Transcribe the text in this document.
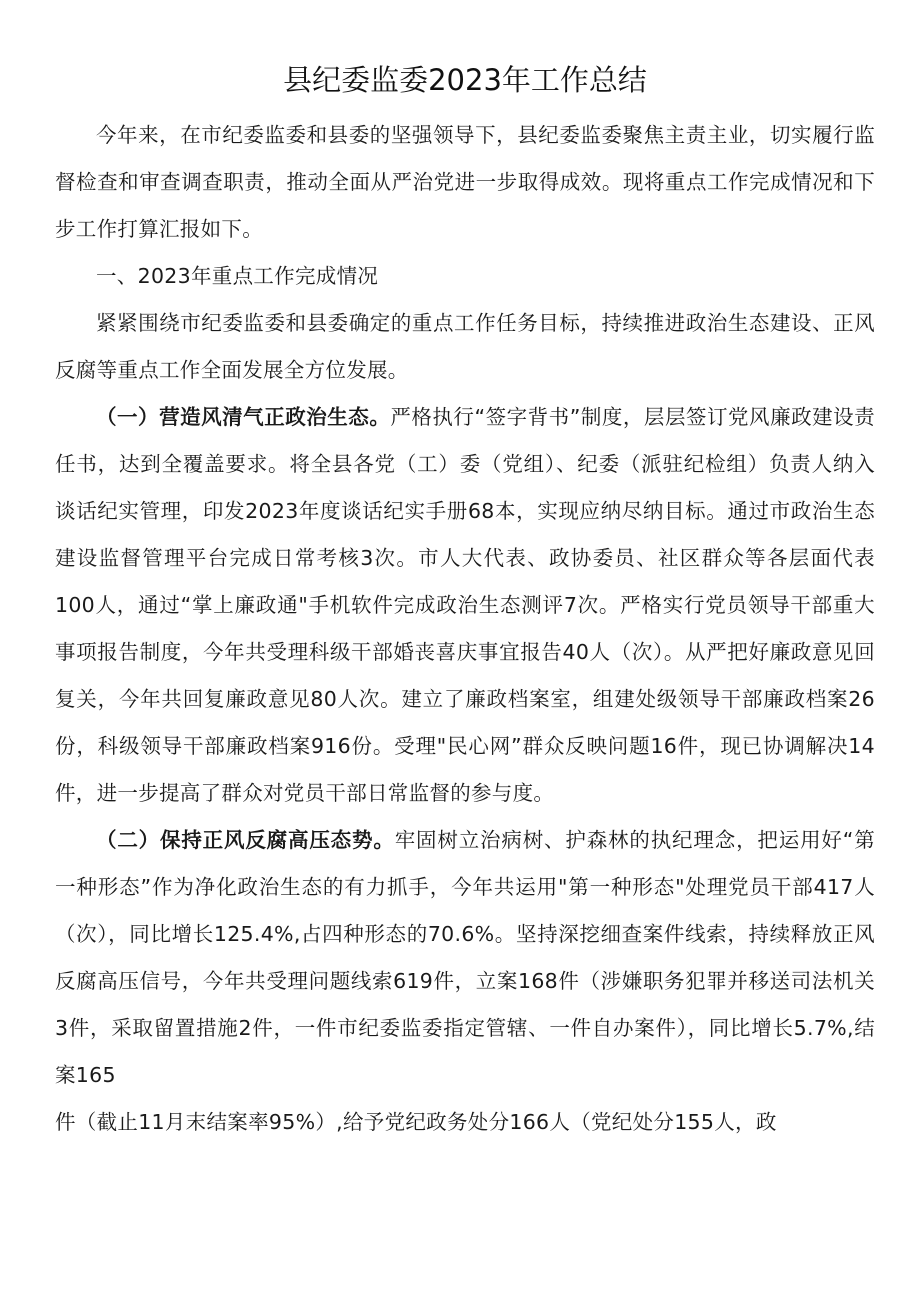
县纪委监委2023年工作总结

今年来，在市纪委监委和县委的坚强领导下，县纪委监委聚焦主责主业，切实履行监督检查和审查调查职责，推动全面从严治党进一步取得成效。现将重点工作完成情况和下步工作打算汇报如下。

一、2023年重点工作完成情况

紧紧围绕市纪委监委和县委确定的重点工作任务目标，持续推进政治生态建设、正风反腐等重点工作全面发展全方位发展。

（一）营造风清气正政治生态。严格执行“签字背书”制度，层层签订党风廉政建设责任书，达到全覆盖要求。将全县各党（工）委（党组）、纪委（派驻纪检组）负责人纳入谈话纪实管理，印发2023年度谈话纪实手册68本，实现应纳尽纳目标。通过市政治生态建设监督管理平台完成日常考核3次。市人大代表、政协委员、社区群众等各层面代表100人，通过“掌上廉政通"手机软件完成政治生态测评7次。严格实行党员领导干部重大事项报告制度，今年共受理科级干部婚丧喜庆事宜报告40人（次）。从严把好廉政意见回复关，今年共回复廉政意见80人次。建立了廉政档案室，组建处级领导干部廉政档案26份，科级领导干部廉政档案916份。受理"民心网”群众反映问题16件，现已协调解决14件，进一步提高了群众对党员干部日常监督的参与度。

（二）保持正风反腐高压态势。牢固树立治病树、护森林的执纪理念，把运用好“第一种形态”作为净化政治生态的有力抓手，今年共运用"第一种形态"处理党员干部417人（次），同比增长125.4%,占四种形态的70.6%。坚持深挖细查案件线索，持续释放正风反腐高压信号，今年共受理问题线索619件，立案168件（涉嫌职务犯罪并移送司法机关3件，采取留置措施2件，一件市纪委监委指定管辖、一件自办案件），同比增长5.7%,结案165

件（截止11月末结案率95%）,给予党纪政务处分166人（党纪处分155人，政
